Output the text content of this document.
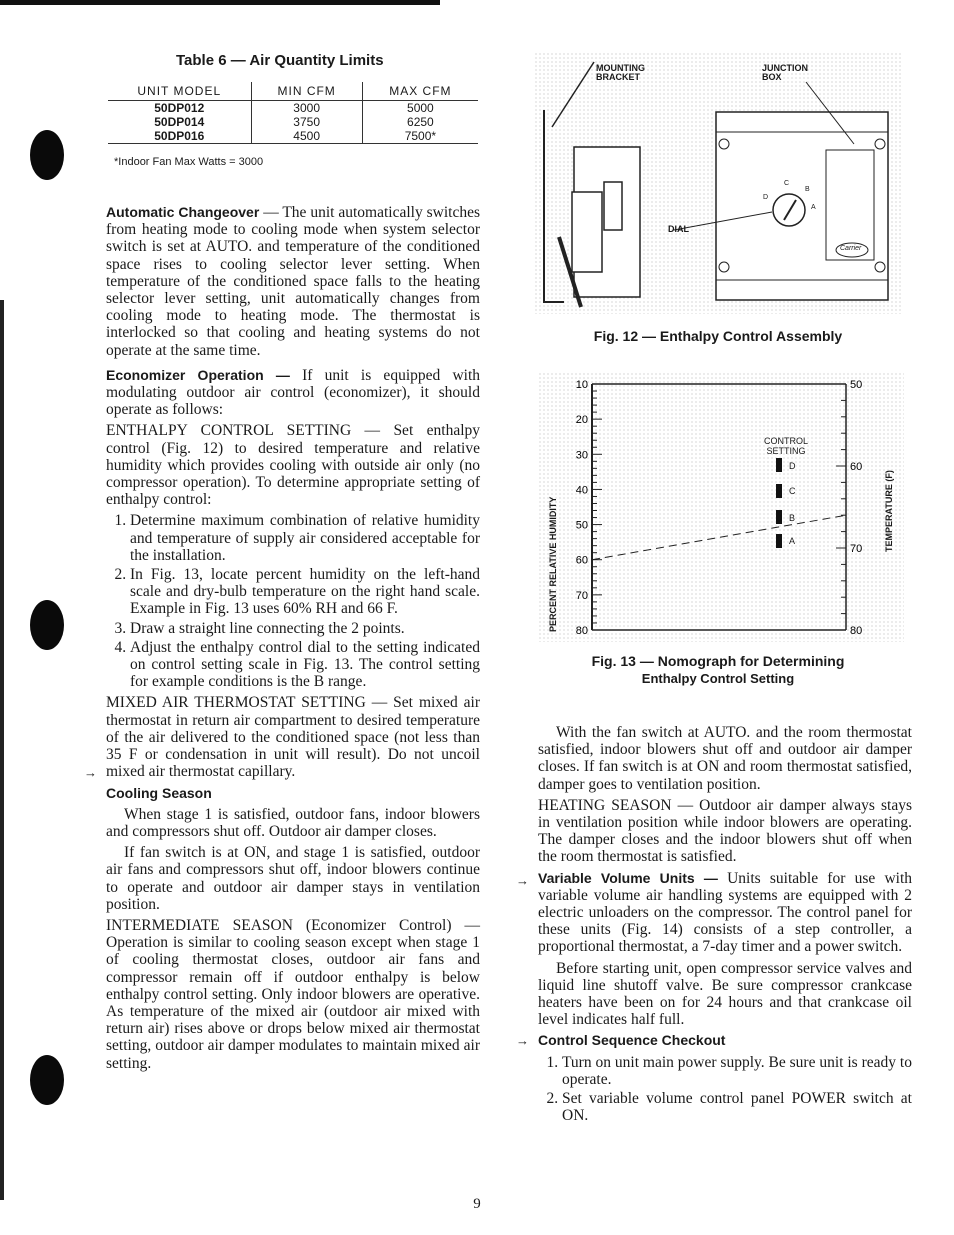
Table 6 — Air Quantity Limits
UNIT MODEL	MIN CFM	MAX CFM
50DP012	3000	5000
50DP014	3750	6250
50DP016	4500	7500*
*Indoor Fan Max Watts = 3000

Automatic Changeover — The unit automatically switches from heating mode to cooling mode when system selector switch is set at AUTO. and temperature of the conditioned space rises to cooling selector lever setting. When temperature of the conditioned space falls to the heating selector lever setting, unit automatically changes from cooling mode to heating mode. The thermostat is interlocked so that cooling and heating systems do not operate at the same time.

Economizer Operation — If unit is equipped with modulating outdoor air control (economizer), it should operate as follows:

ENTHALPY CONTROL SETTING — Set enthalpy control (Fig. 12) to desired temperature and relative humidity which provides cooling with outside air only (no compressor operation). To determine appropriate setting of enthalpy control:

1. Determine maximum combination of relative humidity and temperature of supply air considered acceptable for the installation.
2. In Fig. 13, locate percent humidity on the left-hand scale and dry-bulb temperature on the right hand scale. Example in Fig. 13 uses 60% RH and 66 F.
3. Draw a straight line connecting the 2 points.
4. Adjust the enthalpy control dial to the setting indicated on control setting scale in Fig. 13. The control setting for example conditions is the B range.

→
MIXED AIR THERMOSTAT SETTING — Set mixed air thermostat in return air compartment to desired temperature of the air delivered to the conditioned space (not less than 35 F or condensation in unit will result). Do not uncoil mixed air thermostat capillary.

Cooling Season

When stage 1 is satisfied, outdoor fans, indoor blowers and compressors shut off. Outdoor air damper closes.

If fan switch is at ON, and stage 1 is satisfied, outdoor air fans and compressors shut off, indoor blowers continue to operate and outdoor air damper stays in ventilation position.

INTERMEDIATE SEASON (Economizer Control) — Operation is similar to cooling season except when stage 1 of cooling thermostat closes, outdoor air fans and compressor remain off if outdoor enthalpy is below enthalpy control setting. Only indoor blowers are operative. As temperature of the mixed air (outdoor air mixed with return air) rises above or drops below mixed air thermostat setting, outdoor air damper modulates to maintain mixed air setting.

MOUNTING BRACKET
JUNCTION BOX
DIAL
Carrier
C
B
A
D
Fig. 12 — Enthalpy Control Assembly
10
20
30
40
50
60
70
80
50
60
70
80
PERCENT RELATIVE HUMIDITY	TEMPERATURE (F)
CONTROL SETTING
D
C
B
A
Fig. 13 — Nomograph for Determining
Enthalpy Control Setting

With the fan switch at AUTO. and the room thermostat satisfied, indoor blowers shut off and outdoor air damper closes. If fan switch is at ON and room thermostat satisfied, damper goes to ventilation position.

HEATING SEASON — Outdoor air damper always stays in ventilation position while indoor blowers are operating. The damper closes and the indoor blowers shut off when the room thermostat is satisfied.

→ Variable Volume Units — Units suitable for use with variable volume air handling systems are equipped with 2 electric unloaders on the compressor. The control panel for these units (Fig. 14) consists of a step controller, a proportional thermostat, a 7-day timer and a power switch.

Before starting unit, open compressor service valves and liquid line shutoff valve. Be sure compressor crankcase heaters have been on for 24 hours and that crankcase oil level indicates half full.

→ Control Sequence Checkout

1. Turn on unit main power supply. Be sure unit is ready to operate.
2. Set variable volume control panel POWER switch at ON.
9
